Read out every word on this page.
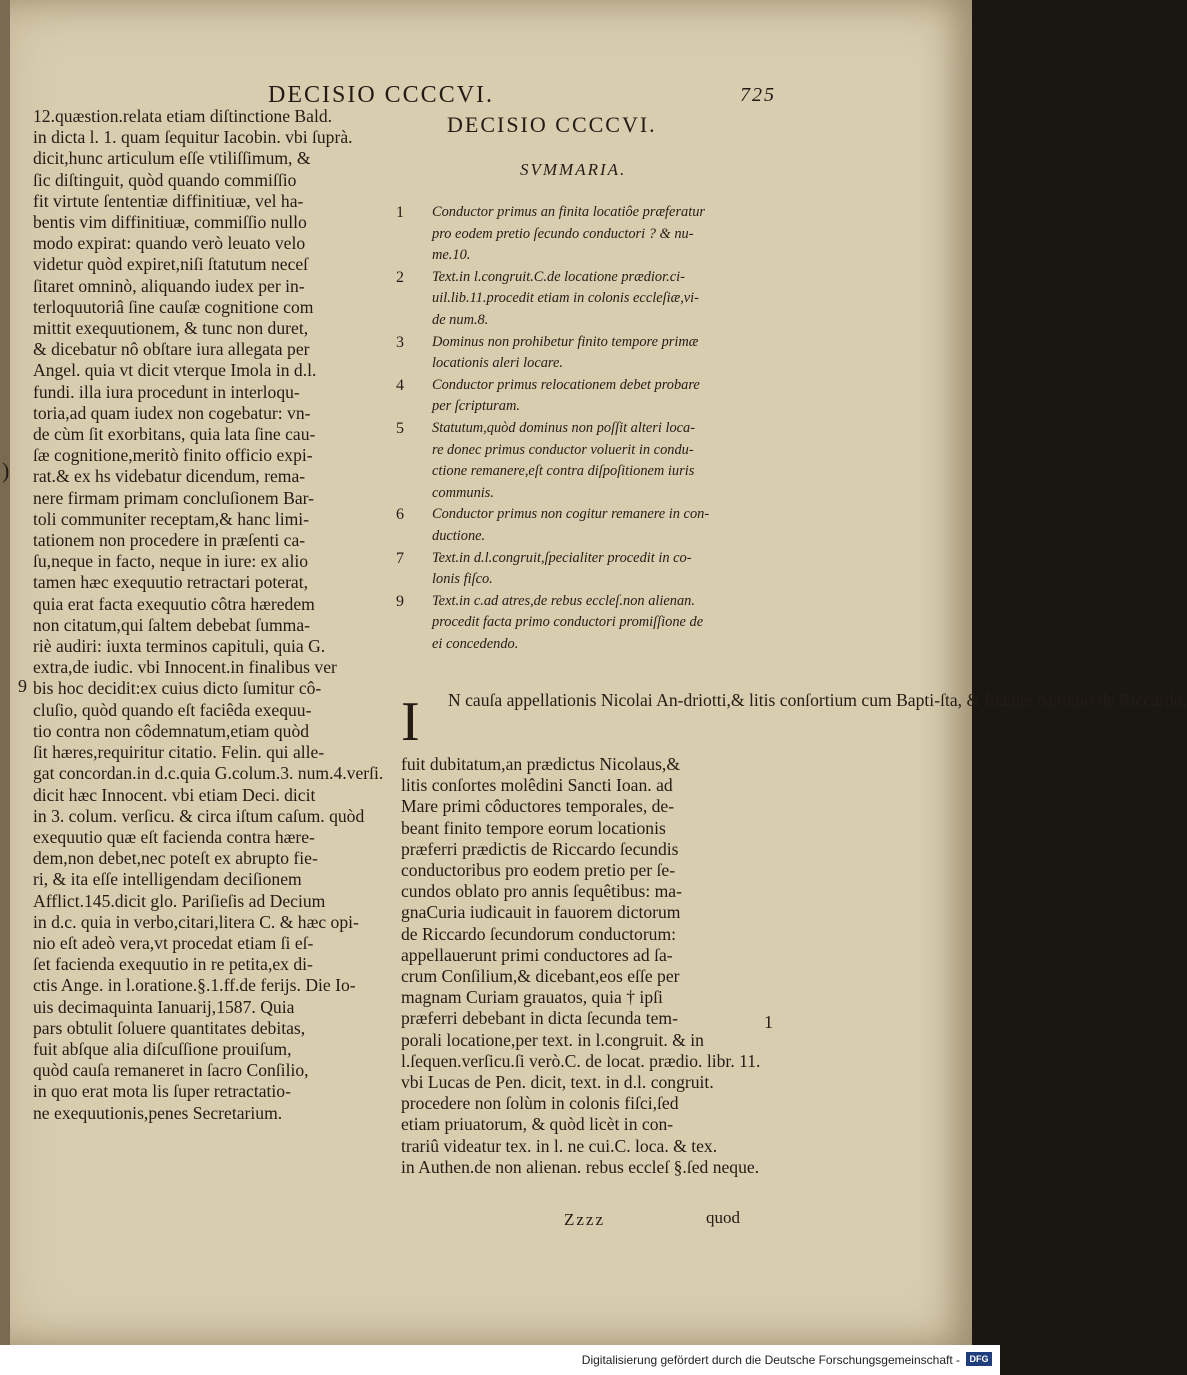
)
DECISIO CCCCVI.	725
12.quæstion.relata etiam diſtinctione Bald.
in dicta l. 1. quam ſequitur Iacobin. vbi ſuprà.
dicit,hunc articulum eſſe vtiliſſimum, &
ſic diſtinguit, quòd quando commiſſio
fit virtute ſententiæ diffinitiuæ, vel ha-
bentis vim diffinitiuæ, commiſſio nullo
modo expirat: quando verò leuato velo
videtur quòd expiret,niſi ſtatutum neceſ
ſitaret omninò, aliquando iudex per in-
terloquutoriâ ſine cauſæ cognitione com
mittit exequutionem, & tunc non duret,
& dicebatur nô obſtare iura allegata per
Angel. quia vt dicit vterque Imola in d.l.
fundi. illa iura procedunt in interloqu-
toria,ad quam iudex non cogebatur: vn-
de cùm ſit exorbitans, quia lata ſine cau-
ſæ cognitione,meritò finito officio expi-
rat.& ex hs videbatur dicendum, rema-
nere firmam primam concluſionem Bar-
toli communiter receptam,& hanc limi-
tationem non procedere in præſenti ca-
ſu,neque in facto, neque in iure: ex alio
tamen hæc exequutio retractari poterat,
quia erat facta exequutio côtra hæredem
non citatum,qui ſaltem debebat ſumma-
riè audiri: iuxta terminos capituli, quia G.
extra,de iudic. vbi Innocent.in finalibus ver
bis hoc decidit:ex cuius dicto ſumitur cô-
cluſio, quòd quando eſt faciêda exequu-
tio contra non côdemnatum,etiam quòd
ſit hæres,requiritur citatio. Felin. qui alle-
gat concordan.in d.c.quia G.colum.3. num.4.verſi.
dicit hæc Innocent. vbi etiam Deci. dicit
in 3. colum. verſicu. & circa iſtum caſum. quòd
exequutio quæ eſt facienda contra hære-
dem,non debet,nec poteſt ex abrupto fie-
ri, & ita eſſe intelligendam deciſionem
Afflict.145.dicit glo. Pariſieſis ad Decium
in d.c. quia in verbo,citari,litera C. & hæc opi-
nio eſt adeò vera,vt procedat etiam ſi eſ-
ſet facienda exequutio in re petita,ex di-
ctis Ange. in l.oratione.§.1.ff.de ferijs. Die Io-
uis decimaquinta Ianuarij,1587. Quia
pars obtulit ſoluere quantitates debitas,
fuit abſque alia diſcuſſione prouiſum,
quòd cauſa remaneret in ſacro Conſilio,
in quo erat mota lis ſuper retractatio-
ne exequutionis,penes Secretarium.
DECISIO CCCCVI.
SVMMARIA.
1 Conductor primus an finita locatiôe præferatur
pro eodem pretio ſecundo conductori ? & nu-
me.10.
2 Text.in l.congruit.C.de locatione prædior.ci-
uil.lib.11.procedit etiam in colonis eccleſiæ,vi-
de num.8.
3 Dominus non prohibetur finito tempore primæ
locationis aleri locare.
4 Conductor primus relocationem debet probare
per ſcripturam.
5 Statutum,quòd dominus non poſſit alteri loca-
re donec primus conductor voluerit in condu-
ctione remanere,eſt contra diſpoſitionem iuris
communis.
6 Conductor primus non cogitur remanere in con-
ductione.
7 Text.in d.l.congruit,ſpecialiter procedit in co-
lonis fiſco.
9 Text.in c.ad atres,de rebus eccleſ.non alienan.
procedit facta primo conductori promiſſione de
ei concedendo.
I N cauſa appellationis Nicolai An-driotti,& litis conſortium cum Bapti-ſta, & Ioanne Antonio de Riccardo,
fuit dubitatum,an prædictus Nicolaus,&
litis conſortes molêdini Sancti Ioan. ad
Mare primi côductores temporales, de-
beant finito tempore eorum locationis
præferri prædictis de Riccardo ſecundis
conductoribus pro eodem pretio per ſe-
cundos oblato pro annis ſequêtibus: ma-
gnaCuria iudicauit in fauorem dictorum
de Riccardo ſecundorum conductorum:
appellauerunt primi conductores ad ſa-
crum Conſilium,& dicebant,eos eſſe per
magnam Curiam grauatos, quia † ipſi
præferri debebant in dicta ſecunda tem-
porali locatione,per text. in l.congruit. & in
l.ſequen.verſicu.ſi verò.C. de locat. prædio. libr. 11.
vbi Lucas de Pen. dicit, text. in d.l. congruit.
procedere non ſolùm in colonis fiſci,ſed
etiam priuatorum, & quòd licèt in con-
trariû videatur tex. in l. ne cui.C. loca. & tex.
in Authen.de non alienan. rebus eccleſ §.ſed neque.
9
1
Zzzz	quod
Digitalisierung gefördert durch die Deutsche Forschungsgemeinschaft -	DFG
